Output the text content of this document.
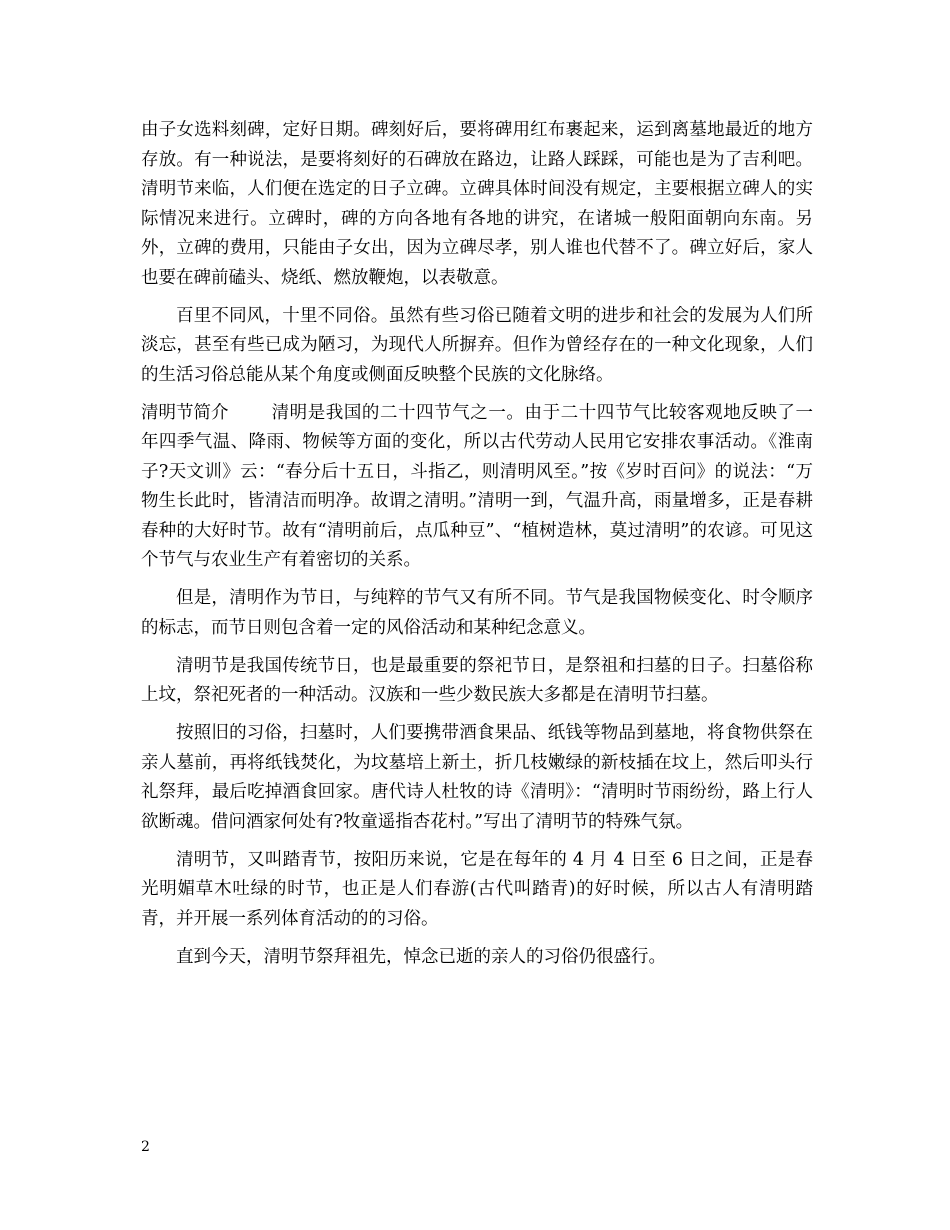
由子女选料刻碑，定好日期。碑刻好后，要将碑用红布裹起来，运到离墓地最近的地方存放。有一种说法，是要将刻好的石碑放在路边，让路人踩踩，可能也是为了吉利吧。清明节来临，人们便在选定的日子立碑。立碑具体时间没有规定，主要根据立碑人的实际情况来进行。立碑时，碑的方向各地有各地的讲究，在诸城一般阳面朝向东南。另外，立碑的费用，只能由子女出，因为立碑尽孝，别人谁也代替不了。碑立好后，家人也要在碑前磕头、烧纸、燃放鞭炮，以表敬意。

百里不同风，十里不同俗。虽然有些习俗已随着文明的进步和社会的发展为人们所淡忘，甚至有些已成为陋习，为现代人所摒弃。但作为曾经存在的一种文化现象，人们的生活习俗总能从某个角度或侧面反映整个民族的文化脉络。

清明节简介 清明是我国的二十四节气之一。由于二十四节气比较客观地反映了一年四季气温、降雨、物候等方面的变化，所以古代劳动人民用它安排农事活动。《淮南子?天文训》云：“春分后十五日，斗指乙，则清明风至。”按《岁时百问》的说法：“万物生长此时，皆清洁而明净。故谓之清明。”清明一到，气温升高，雨量增多，正是春耕春种的大好时节。故有“清明前后，点瓜种豆”、“植树造林，莫过清明”的农谚。可见这个节气与农业生产有着密切的关系。

但是，清明作为节日，与纯粹的节气又有所不同。节气是我国物候变化、时令顺序的标志，而节日则包含着一定的风俗活动和某种纪念意义。

清明节是我国传统节日，也是最重要的祭祀节日，是祭祖和扫墓的日子。扫墓俗称上坟，祭祀死者的一种活动。汉族和一些少数民族大多都是在清明节扫墓。

按照旧的习俗，扫墓时，人们要携带酒食果品、纸钱等物品到墓地，将食物供祭在亲人墓前，再将纸钱焚化，为坟墓培上新土，折几枝嫩绿的新枝插在坟上，然后叩头行礼祭拜，最后吃掉酒食回家。唐代诗人杜牧的诗《清明》：“清明时节雨纷纷，路上行人欲断魂。借问酒家何处有?牧童遥指杏花村。”写出了清明节的特殊气氛。

清明节，又叫踏青节，按阳历来说，它是在每年的 4 月 4 日至 6 日之间，正是春光明媚草木吐绿的时节，也正是人们春游(古代叫踏青)的好时候，所以古人有清明踏青，并开展一系列体育活动的的习俗。

直到今天，清明节祭拜祖先，悼念已逝的亲人的习俗仍很盛行。

2
